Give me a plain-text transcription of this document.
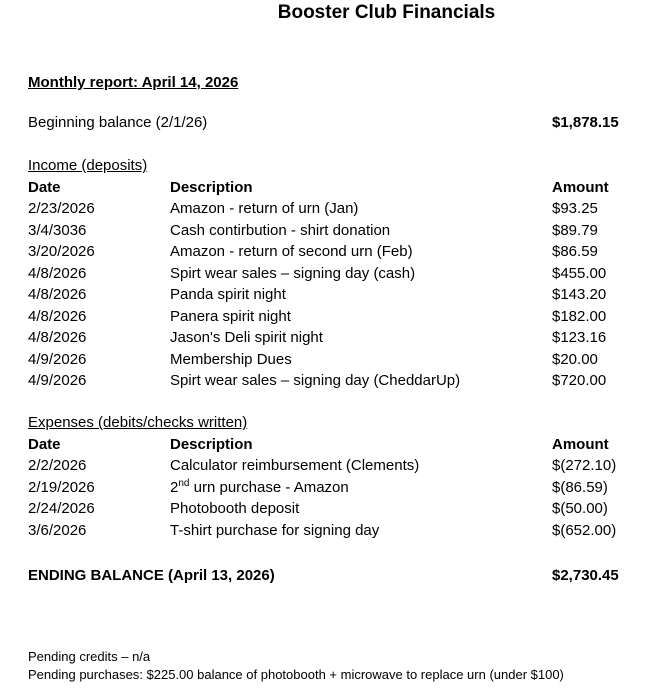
Booster Club Financials
Monthly report: April 14, 2026
Beginning balance (2/1/26)	$1,878.15
Income (deposits)
Date	Description	Amount
2/23/2026	Amazon - return of urn (Jan)	$93.25
3/4/3036	Cash contirbution - shirt donation	$89.79
3/20/2026	Amazon - return of second urn (Feb)	$86.59
4/8/2026	Spirt wear sales – signing day (cash)	$455.00
4/8/2026	Panda spirit night	$143.20
4/8/2026	Panera spirit night	$182.00
4/8/2026	Jason's Deli spirit night	$123.16
4/9/2026	Membership Dues	$20.00
4/9/2026	Spirt wear sales – signing day (CheddarUp)	$720.00
Expenses (debits/checks written)
Date	Description	Amount
2/2/2026	Calculator reimbursement (Clements)	$(272.10)
2/19/2026	2nd urn purchase - Amazon	$(86.59)
2/24/2026	Photobooth deposit	$(50.00)
3/6/2026	T-shirt purchase for signing day	$(652.00)
ENDING BALANCE (April 13, 2026)	$2,730.45
Pending credits – n/a
Pending purchases: $225.00 balance of photobooth + microwave to replace urn (under $100)
